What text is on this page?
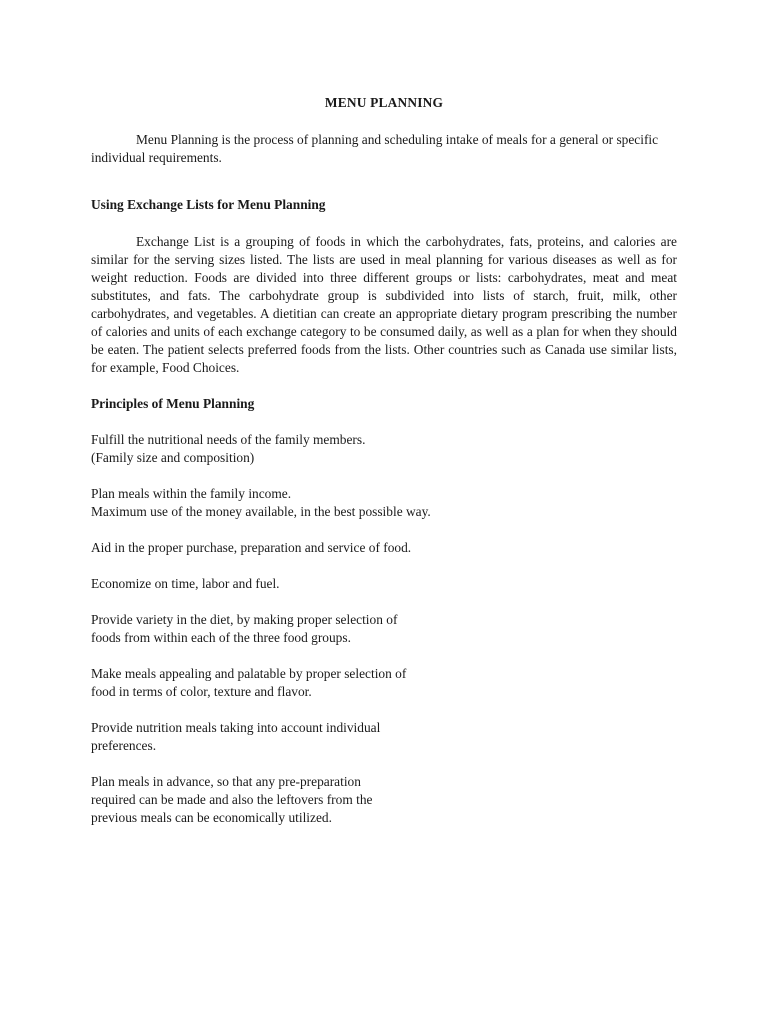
MENU PLANNING

Menu Planning is the process of planning and scheduling intake of meals for a general or specific individual requirements.

Using Exchange Lists for Menu Planning

Exchange List is a grouping of foods in which the carbohydrates, fats, proteins, and calories are similar for the serving sizes listed. The lists are used in meal planning for various diseases as well as for weight reduction. Foods are divided into three different groups or lists: carbohydrates, meat and meat substitutes, and fats. The carbohydrate group is subdivided into lists of starch, fruit, milk, other carbohydrates, and vegetables. A dietitian can create an appropriate dietary program prescribing the number of calories and units of each exchange category to be consumed daily, as well as a plan for when they should be eaten. The patient selects preferred foods from the lists. Other countries such as Canada use similar lists, for example, Food Choices.

Principles of Menu Planning

Fulfill the nutritional needs of the family members.
(Family size and composition)
Plan meals within the family income.
Maximum use of the money available, in the best possible way.
Aid in the proper purchase, preparation and service of food.
Economize on time, labor and fuel.
Provide variety in the diet, by making proper selection of
foods from within each of the three food groups.
Make meals appealing and palatable by proper selection of
food in terms of color, texture and flavor.
Provide nutrition meals taking into account individual
preferences.
Plan meals in advance, so that any pre-preparation
required can be made and also the leftovers from the
previous meals can be economically utilized.
